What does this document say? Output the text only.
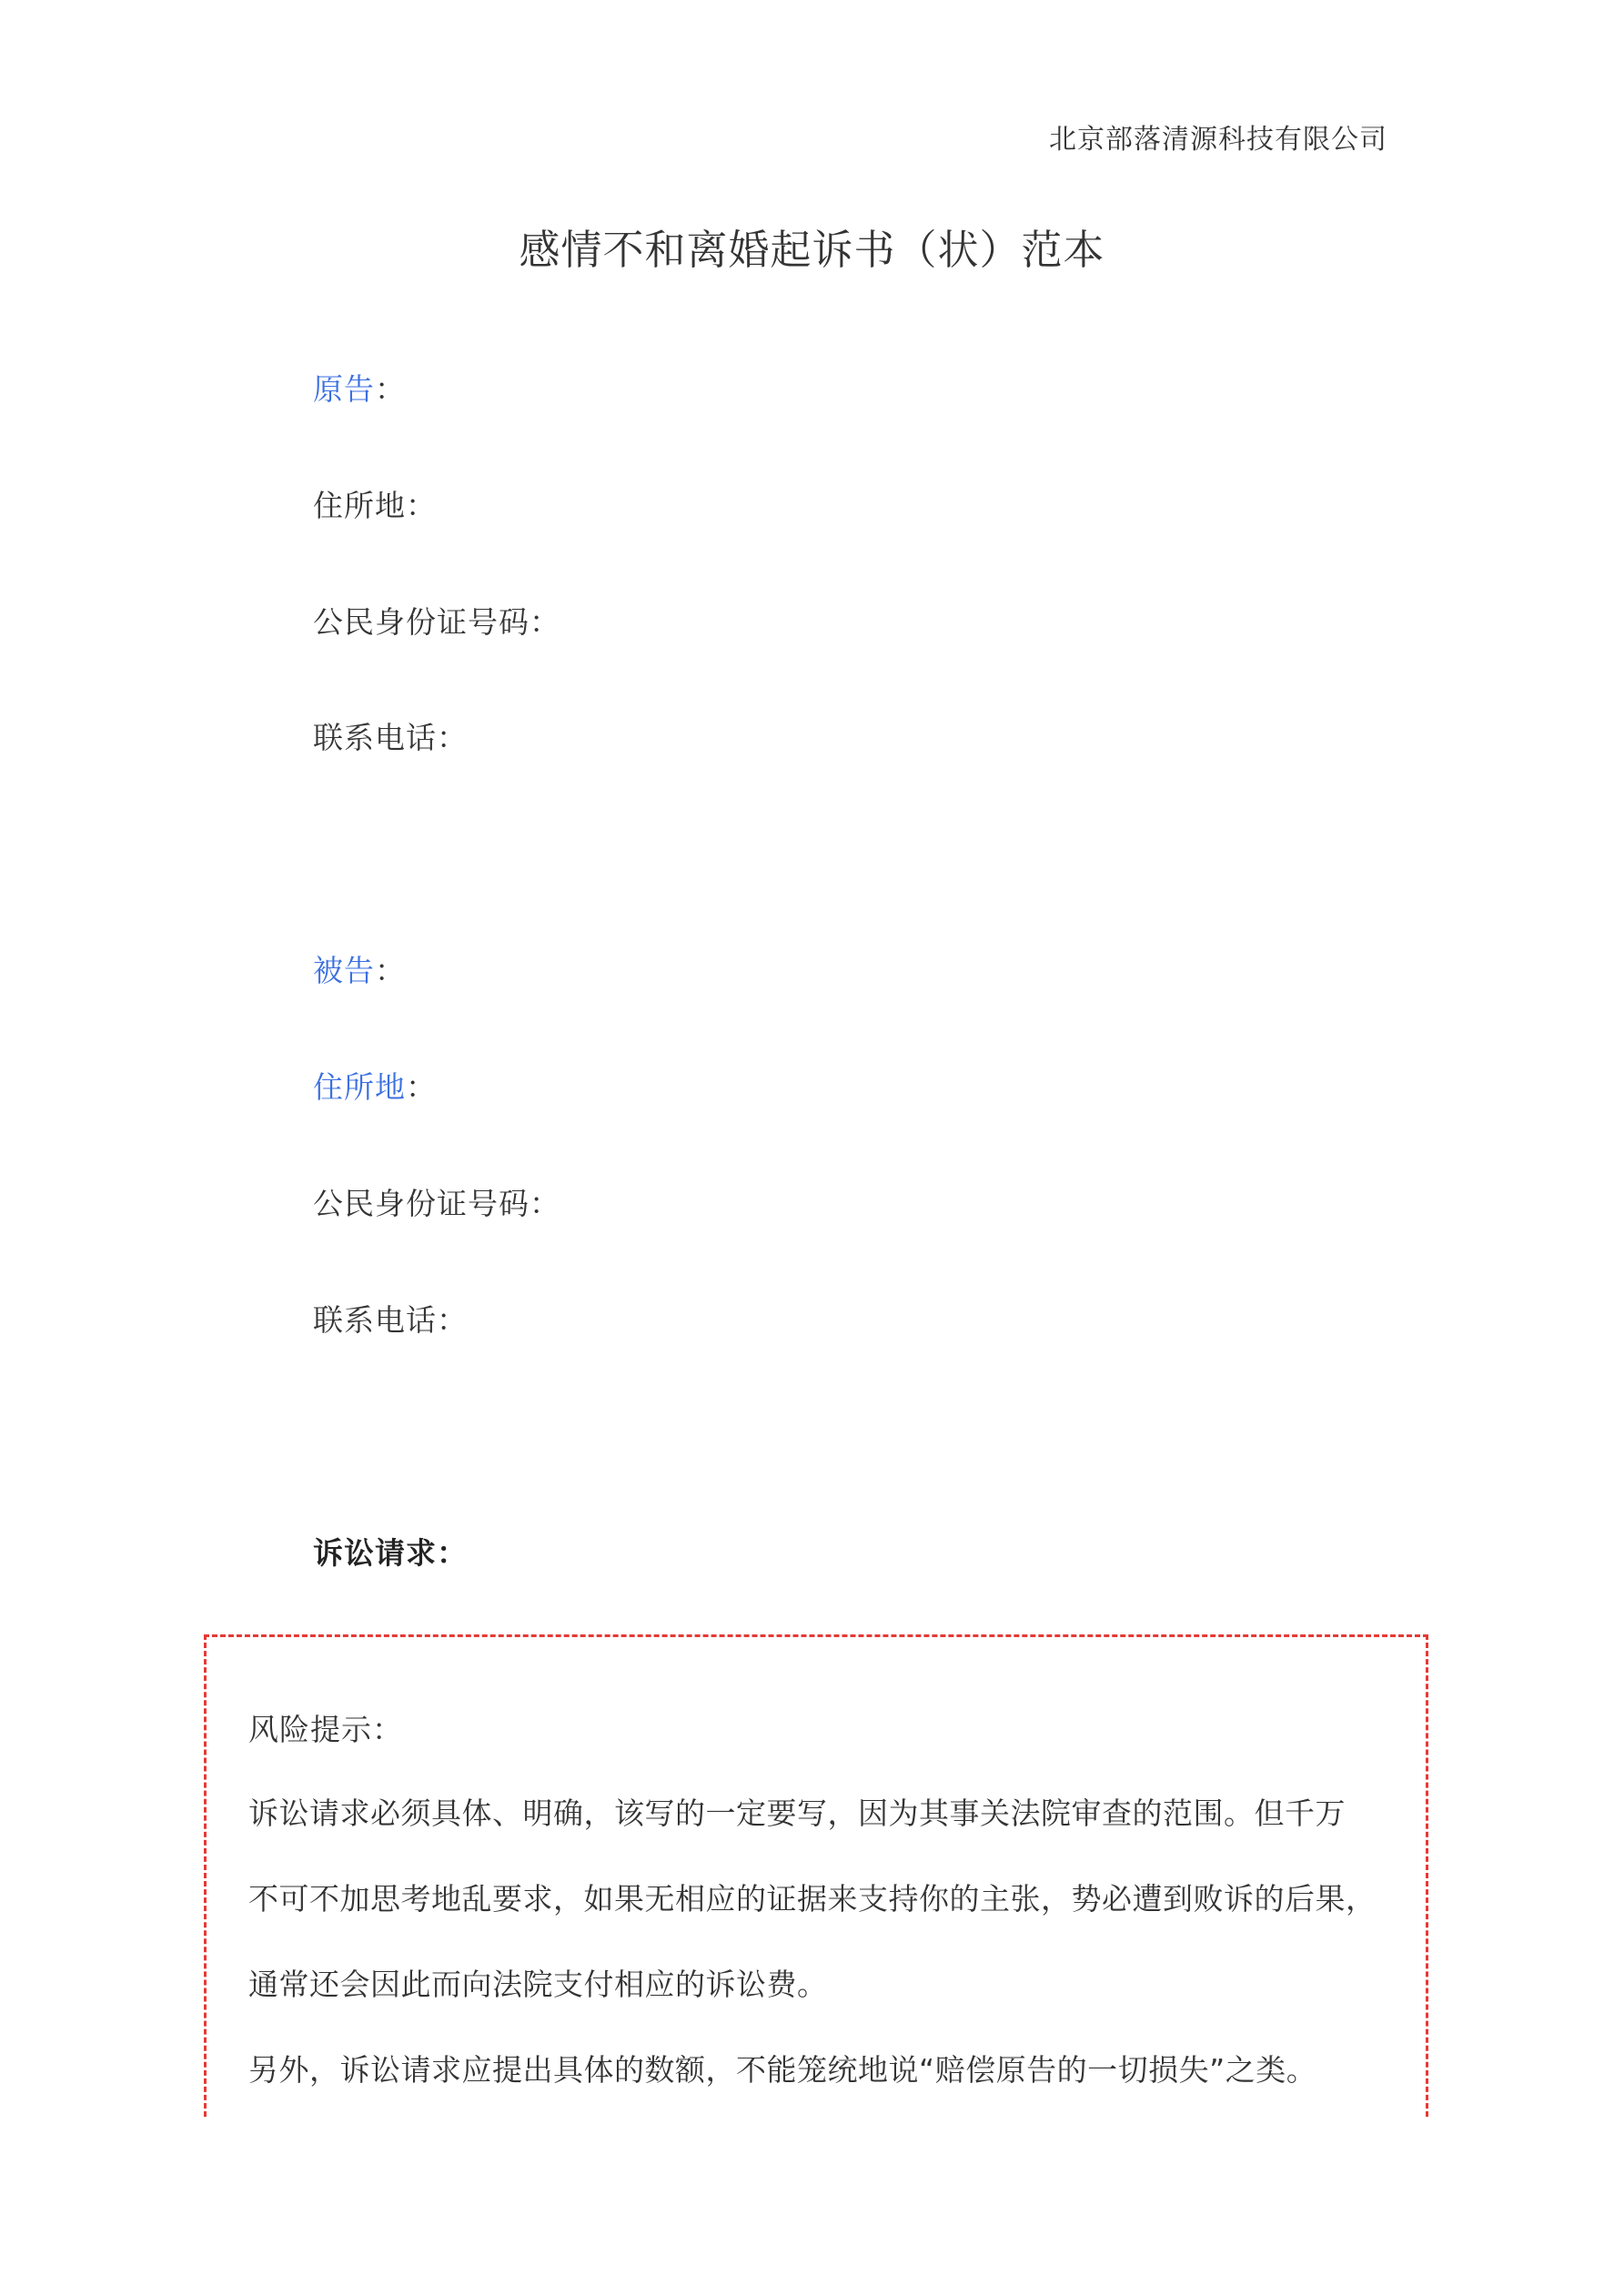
北京部落清源科技有限公司
感情不和离婚起诉书（状）范本
原告：
住所地：
公民身份证号码：
联系电话：
被告：
住所地：
公民身份证号码：
联系电话：
诉讼请求：
风险提示：
诉讼请求必须具体、明确，该写的一定要写，因为其事关法院审查的范围。但千万
不可不加思考地乱要求，如果无相应的证据来支持你的主张，势必遭到败诉的后果，
通常还会因此而向法院支付相应的诉讼费。
另外，诉讼请求应提出具体的数额，不能笼统地说“赔偿原告的一切损失”之类。
